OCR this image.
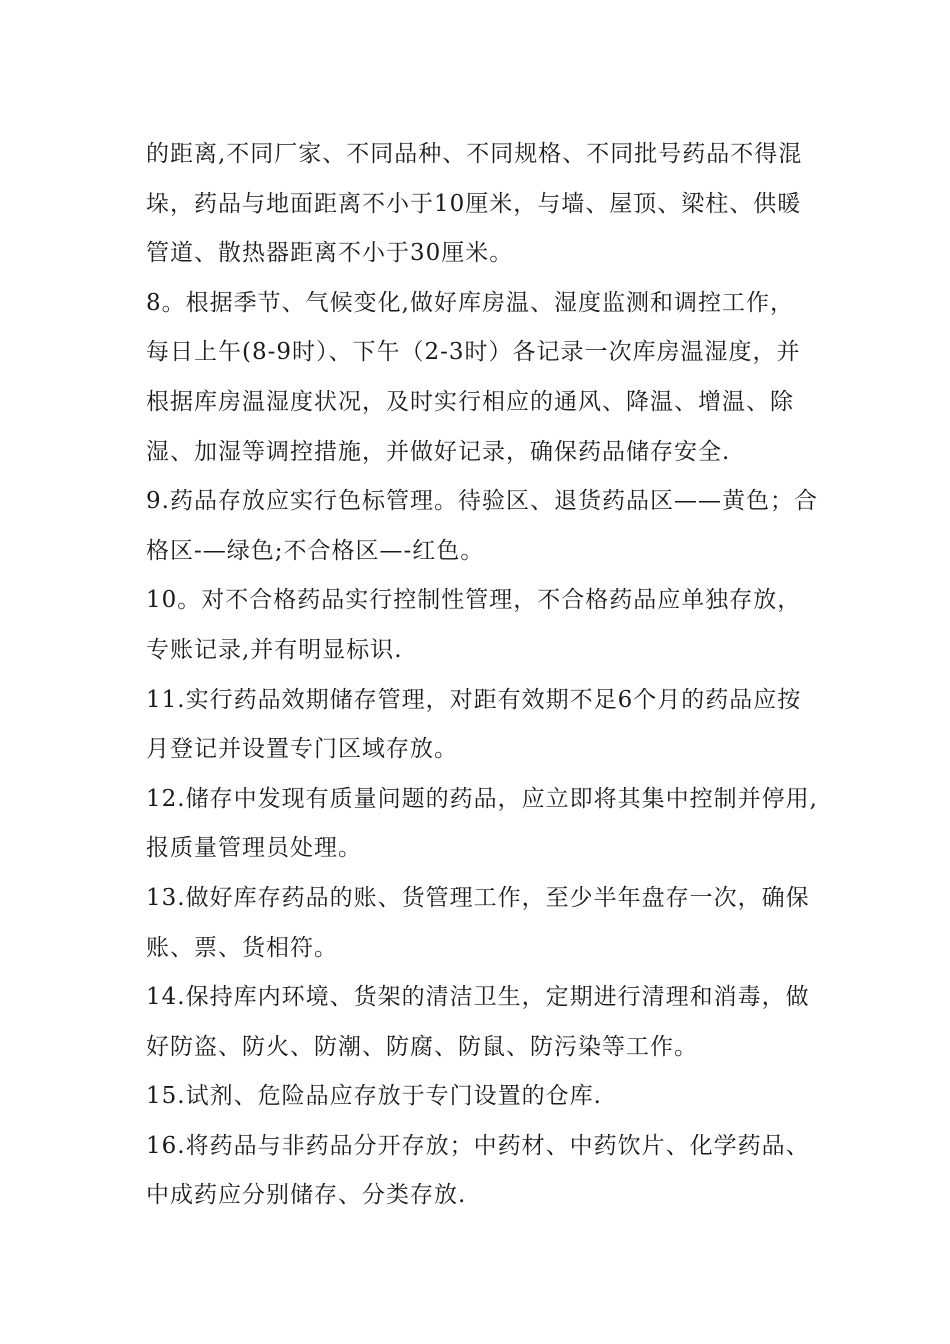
的距离,不同厂家、不同品种、不同规格、不同批号药品不得混
垛，药品与地面距离不小于10厘米，与墙、屋顶、梁柱、供暖
管道、散热器距离不小于30厘米。
8。根据季节、气候变化,做好库房温、湿度监测和调控工作，
每日上午(8-9时）、下午（2-3时）各记录一次库房温湿度，并
根据库房温湿度状况，及时实行相应的通风、降温、增温、除
湿、加湿等调控措施，并做好记录，确保药品储存安全.
9.药品存放应实行色标管理。待验区、退货药品区——黄色；合
格区-—绿色;不合格区—-红色。
10。对不合格药品实行控制性管理，不合格药品应单独存放，
专账记录,并有明显标识.
11.实行药品效期储存管理，对距有效期不足6个月的药品应按
月登记并设置专门区域存放。
12.储存中发现有质量问题的药品，应立即将其集中控制并停用,
报质量管理员处理。
13.做好库存药品的账、货管理工作，至少半年盘存一次，确保
账、票、货相符。
14.保持库内环境、货架的清洁卫生，定期进行清理和消毒，做
好防盗、防火、防潮、防腐、防鼠、防污染等工作。
15.试剂、危险品应存放于专门设置的仓库.
16.将药品与非药品分开存放；中药材、中药饮片、化学药品、
中成药应分别储存、分类存放.
